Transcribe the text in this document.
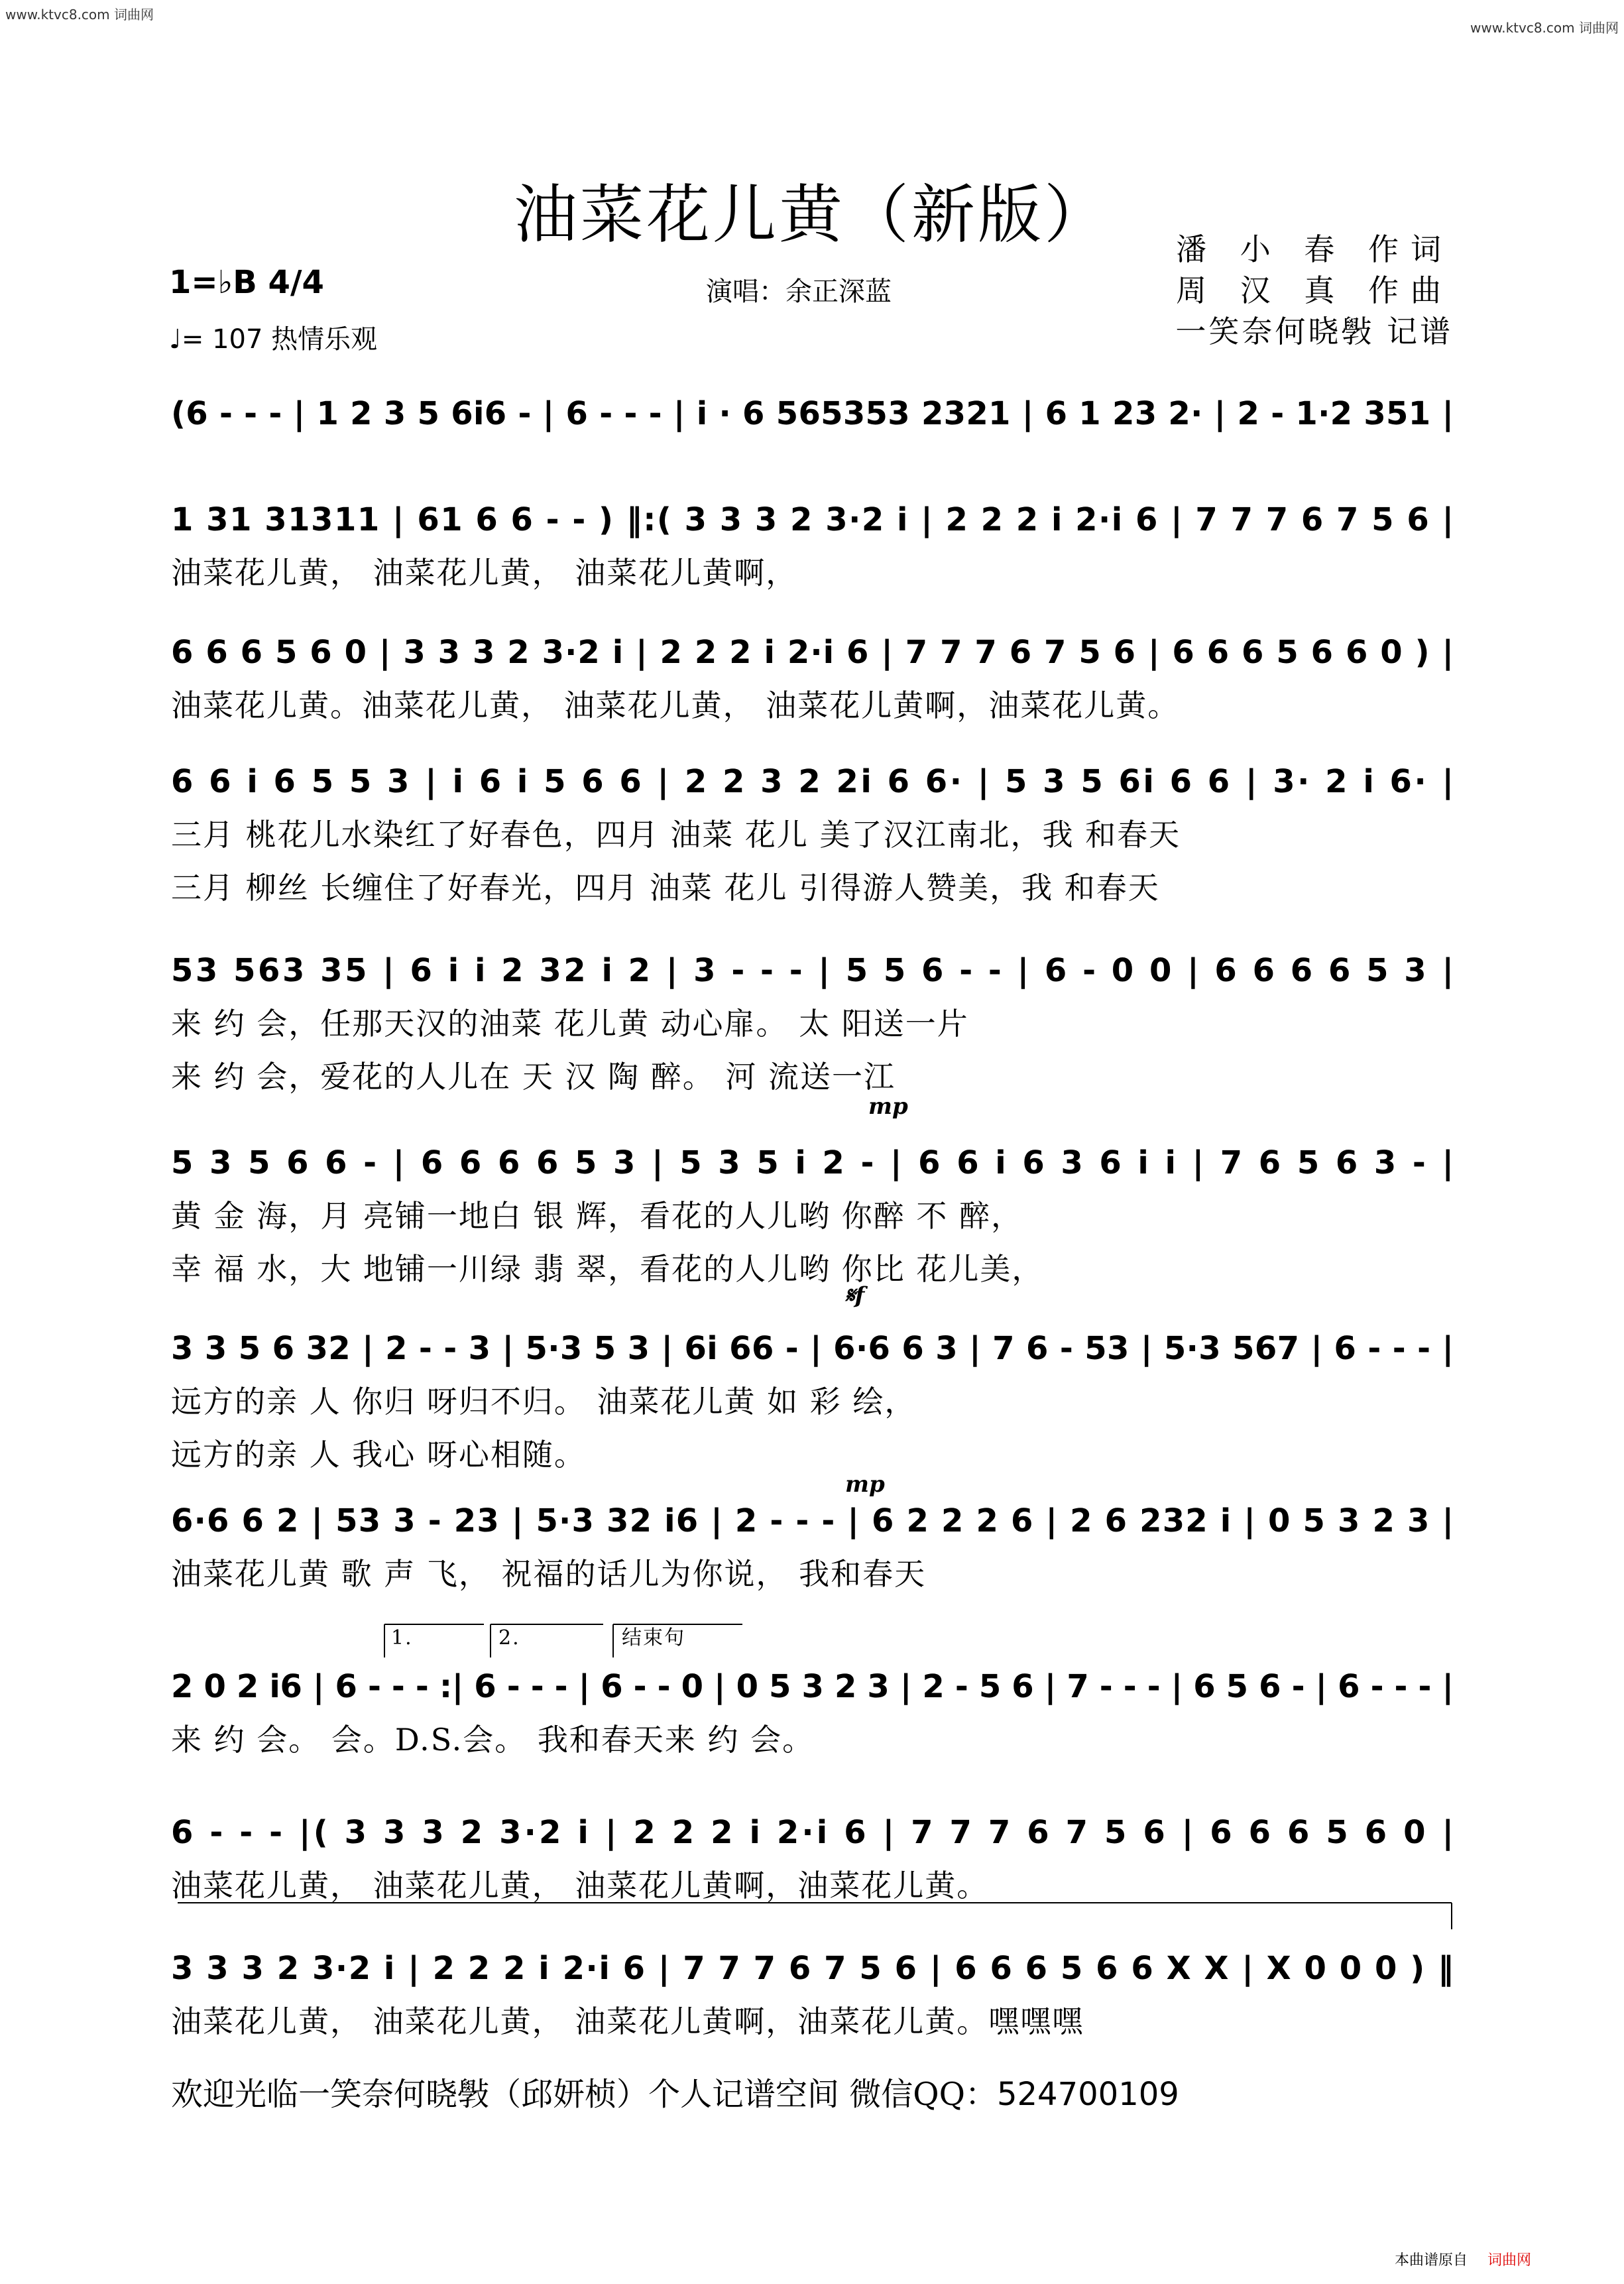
www.ktvc8.com 词曲网
www.ktvc8.com 词曲网
油菜花儿黄（新版）	潘 小 春 作词
周 汉 真 作曲
一笑奈何晓斅 记谱
1=♭B 4/4
♩= 107 热情乐观
演唱：余正深蓝
(6 - - - | 1 2 3 5 6i6 - | 6 - - - | i · 6 565353 2321 | 6 1 23 2· | 2 - 1·2 351 |
1 31 31311 | 61 6 6 - - ) ‖:( 3 3 3 2 3·2 i | 2 2 2 i 2·i 6 | 7 7 7 6 7 5 6 |
油菜花儿黄， 油菜花儿黄， 油菜花儿黄啊，
6 6 6 5 6 0 | 3 3 3 2 3·2 i | 2 2 2 i 2·i 6 | 7 7 7 6 7 5 6 | 6 6 6 5 6 6 0 ) |
油菜花儿黄。油菜花儿黄， 油菜花儿黄， 油菜花儿黄啊，油菜花儿黄。
6 6 i 6 5 5 3 | i 6 i 5 6 6 | 2 2 3 2 2i 6 6· | 5 3 5 6i 6 6 | 3· 2 i 6· |
三月 桃花儿水染红了好春色，四月 油菜 花儿 美了汉江南北，我 和春天
三月 柳丝 长缠住了好春光，四月 油菜 花儿 引得游人赞美，我 和春天
53 563 35 | 6 i i 2 32 i 2 | 3 - - - | 5 5 6 - - | 6 - 0 0 | 6 6 6 6 5 3 |
来 约 会，任那天汉的油菜 花儿黄 动心扉。 太 阳送一片
来 约 会，爱花的人儿在 天 汉 陶 醉。 河 流送一江
5 3 5 6 6 - | 6 6 6 6 5 3 | 5 3 5 i 2 - | 6 6 i 6 3 6 i i | 7 6 5 6 3 - |
黄 金 海，月 亮铺一地白 银 辉，看花的人儿哟 你醉 不 醉，
幸 福 水，大 地铺一川绿 翡 翠，看花的人儿哟 你比 花儿美，
3 3 5 6 32 | 2 - - 3 | 5·3 5 3 | 6i 66 - | 6·6 6 3 | 7 6 - 53 | 5·3 567 | 6 - - - |
远方的亲 人 你归 呀归不归。 油菜花儿黄 如 彩 绘，
远方的亲 人 我心 呀心相随。
6·6 6 2 | 53 3 - 23 | 5·3 32 i6 | 2 - - - | 6 2 2 2 6 | 2 6 232 i | 0 5 3 2 3 |
油菜花儿黄 歌 声 飞， 祝福的话儿为你说， 我和春天
2 0 2 i6 | 6 - - - :| 6 - - - | 6 - - 0 | 0 5 3 2 3 | 2 - 5 6 | 7 - - - | 6 5 6 - | 6 - - - |
来 约 会。 会。D.S.会。 我和春天来 约 会。
6 - - - |( 3 3 3 2 3·2 i | 2 2 2 i 2·i 6 | 7 7 7 6 7 5 6 | 6 6 6 5 6 0 |
油菜花儿黄， 油菜花儿黄， 油菜花儿黄啊，油菜花儿黄。
3 3 3 2 3·2 i | 2 2 2 i 2·i 6 | 7 7 7 6 7 5 6 | 6 6 6 5 6 6 X X | X 0 0 0 ) ‖
油菜花儿黄， 油菜花儿黄， 油菜花儿黄啊，油菜花儿黄。嘿嘿嘿
mp
𝄋f
mp
1.	2.	结束句
欢迎光临一笑奈何晓斅（邱妍桢）个人记谱空间 微信QQ：524700109
本曲谱原自 词曲网
